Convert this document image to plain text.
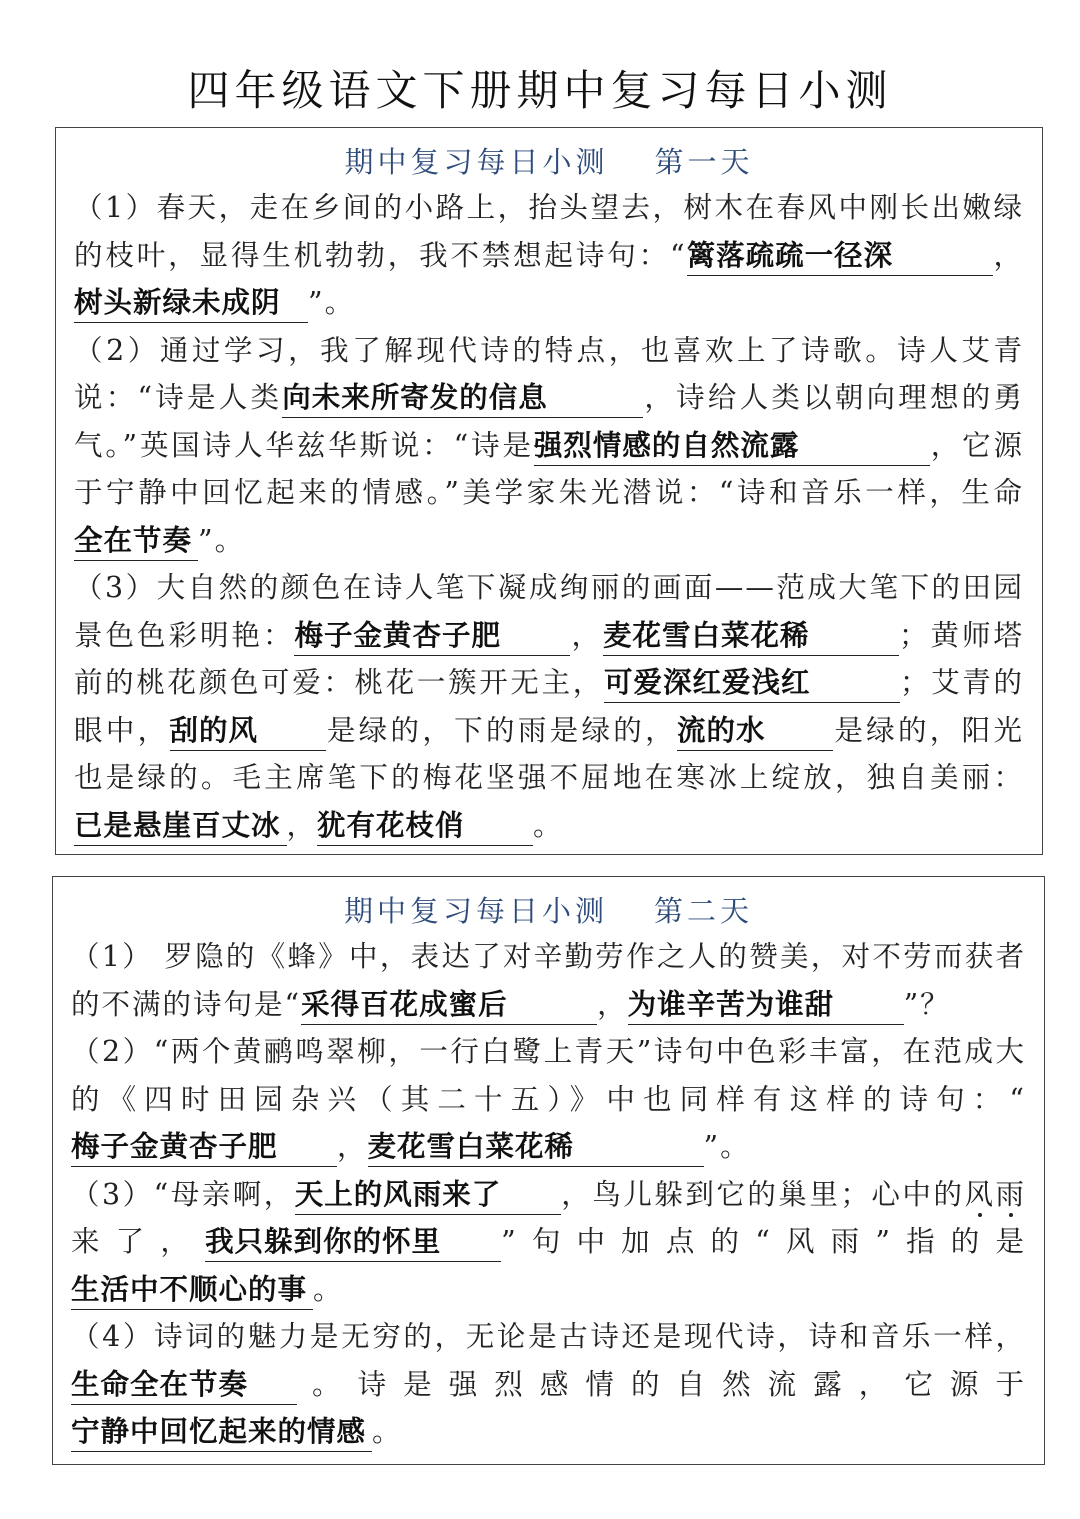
四年级语文下册期中复习每日小测
期中复习每日小测 第一天

（1）春天，走在乡间的小路上，抬头望去，树木在春风中刚长出嫩绿的枝叶，显得生机勃勃，我不禁想起诗句：“篱落疏疏一径深	，树头新绿未成阴 ”。

（2）通过学习，我了解现代诗的特点，也喜欢上了诗歌。诗人艾青说：“诗是人类向未来所寄发的信息	，诗给人类以朝向理想的勇气。”英国诗人华兹华斯说：“诗是强烈情感的自然流露	，它源于宁静中回忆起来的情感。”美学家朱光潜说：“诗和音乐一样，生命全在节奏 ”。

（3）大自然的颜色在诗人笔下凝成绚丽的画面——范成大笔下的田园景色色彩明艳：梅子金黄杏子肥 ，麦花雪白菜花稀	；黄师塔前的桃花颜色可爱：桃花一簇开无主，可爱深红爱浅红	；艾青的眼中，刮的风 是绿的，下的雨是绿的，流的水 是绿的，阳光也是绿的。毛主席笔下的梅花坚强不屈地在寒冰上绽放，独自美丽：已是悬崖百丈冰 ，犹有花枝俏 。

期中复习每日小测 第二天

（1） 罗隐的《蜂》中，表达了对辛勤劳作之人的赞美，对不劳而获者的不满的诗句是“采得百花成蜜后	，为谁辛苦为谁甜 ”？

（2）“两个黄鹂鸣翠柳，一行白鹭上青天”诗句中色彩丰富，在范成大的《四时田园杂兴（其二十五）》中也同样有这样的诗句：“梅子金黄杏子肥 ，麦花雪白菜花稀	”。

（3）“母亲啊，天上的风雨来了 ，鸟儿躲到它的巢里；心中的风雨来了，我只躲到你的怀里 ”句中加点的“风雨”指的是生活中不顺心的事 。

（4）诗词的魅力是无穷的，无论是古诗还是现代诗，诗和音乐一样，生命全在节奏 。诗是强烈感情的自然流露，它源于宁静中回忆起来的情感 。
